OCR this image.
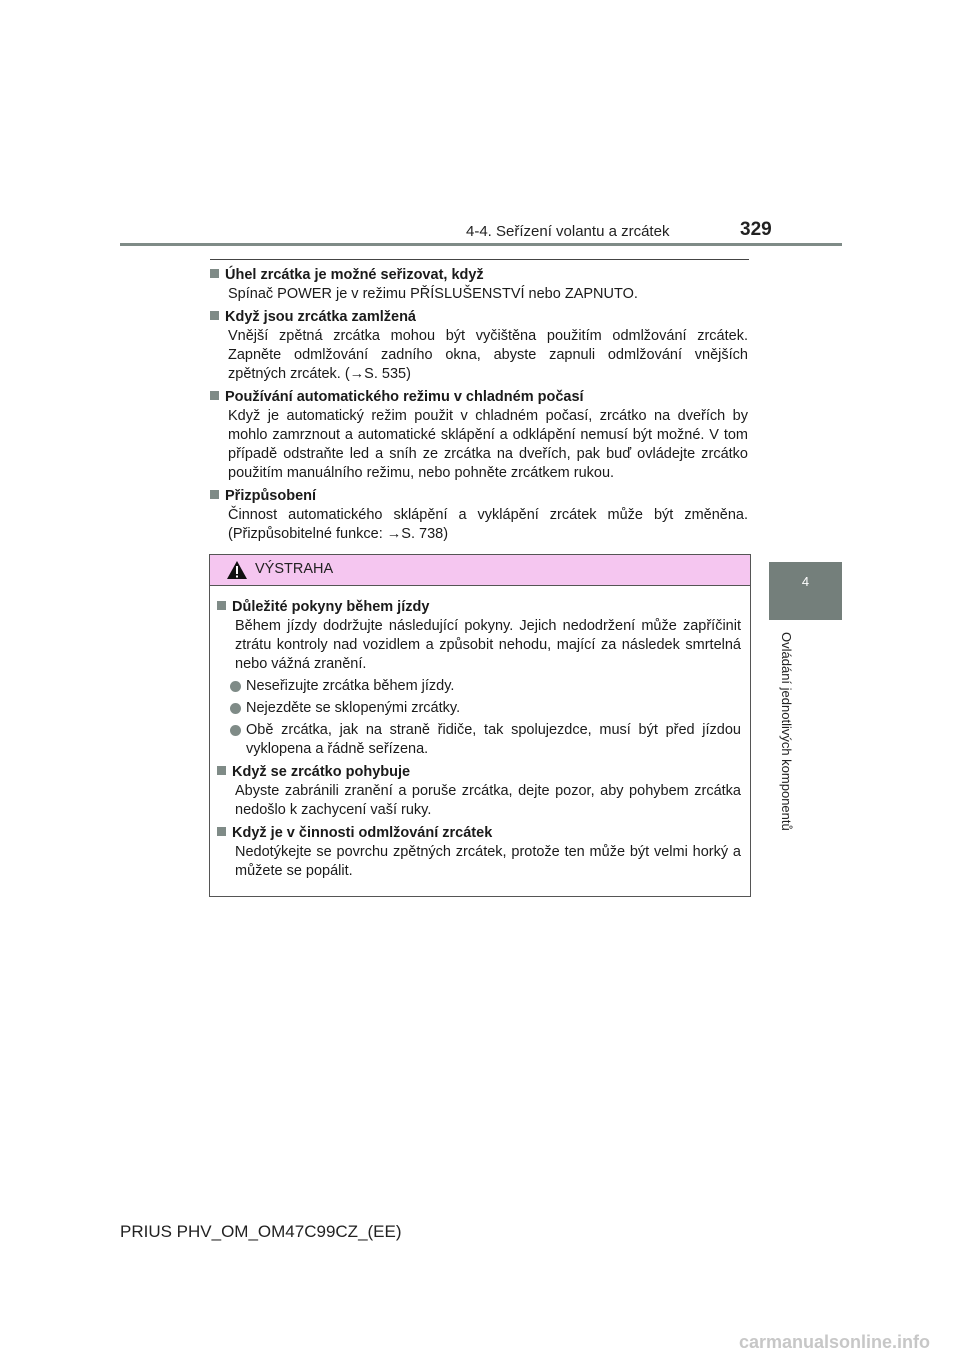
4-4. Seřízení volantu a zrcátek	329
4
Ovládání jednotlivých komponentů
Úhel zrcátka je možné seřizovat, když
Spínač POWER je v režimu PŘÍSLUŠENSTVÍ nebo ZAPNUTO.
Když jsou zrcátka zamlžená
Vnější zpětná zrcátka mohou být vyčištěna použitím odmlžování zrcátek. Zapněte odmlžování zadního okna, abyste zapnuli odmlžování vnějších zpětných zrcátek. (→S. 535)
Používání automatického režimu v chladném počasí
Když je automatický režim použit v chladném počasí, zrcátko na dveřích by mohlo zamrznout a automatické sklápění a odklápění nemusí být možné. V tom případě odstraňte led a sníh ze zrcátka na dveřích, pak buď ovládejte zrcátko použitím manuálního režimu, nebo pohněte zrcátkem rukou.
Přizpůsobení
Činnost automatického sklápění a vyklápění zrcátek může být změněna. (Přizpůsobitelné funkce: →S. 738)
VÝSTRAHA
Důležité pokyny během jízdy
Během jízdy dodržujte následující pokyny. Jejich nedodržení může zapříčinit ztrátu kontroly nad vozidlem a způsobit nehodu, mající za následek smrtelná nebo vážná zranění.
Neseřizujte zrcátka během jízdy.
Nejezděte se sklopenými zrcátky.
Obě zrcátka, jak na straně řidiče, tak spolujezdce, musí být před jízdou vyklopena a řádně seřízena.
Když se zrcátko pohybuje
Abyste zabránili zranění a poruše zrcátka, dejte pozor, aby pohybem zrcátka nedošlo k zachycení vaší ruky.
Když je v činnosti odmlžování zrcátek
Nedotýkejte se povrchu zpětných zrcátek, protože ten může být velmi horký a můžete se popálit.
PRIUS PHV_OM_OM47C99CZ_(EE)
carmanualsonline.info
